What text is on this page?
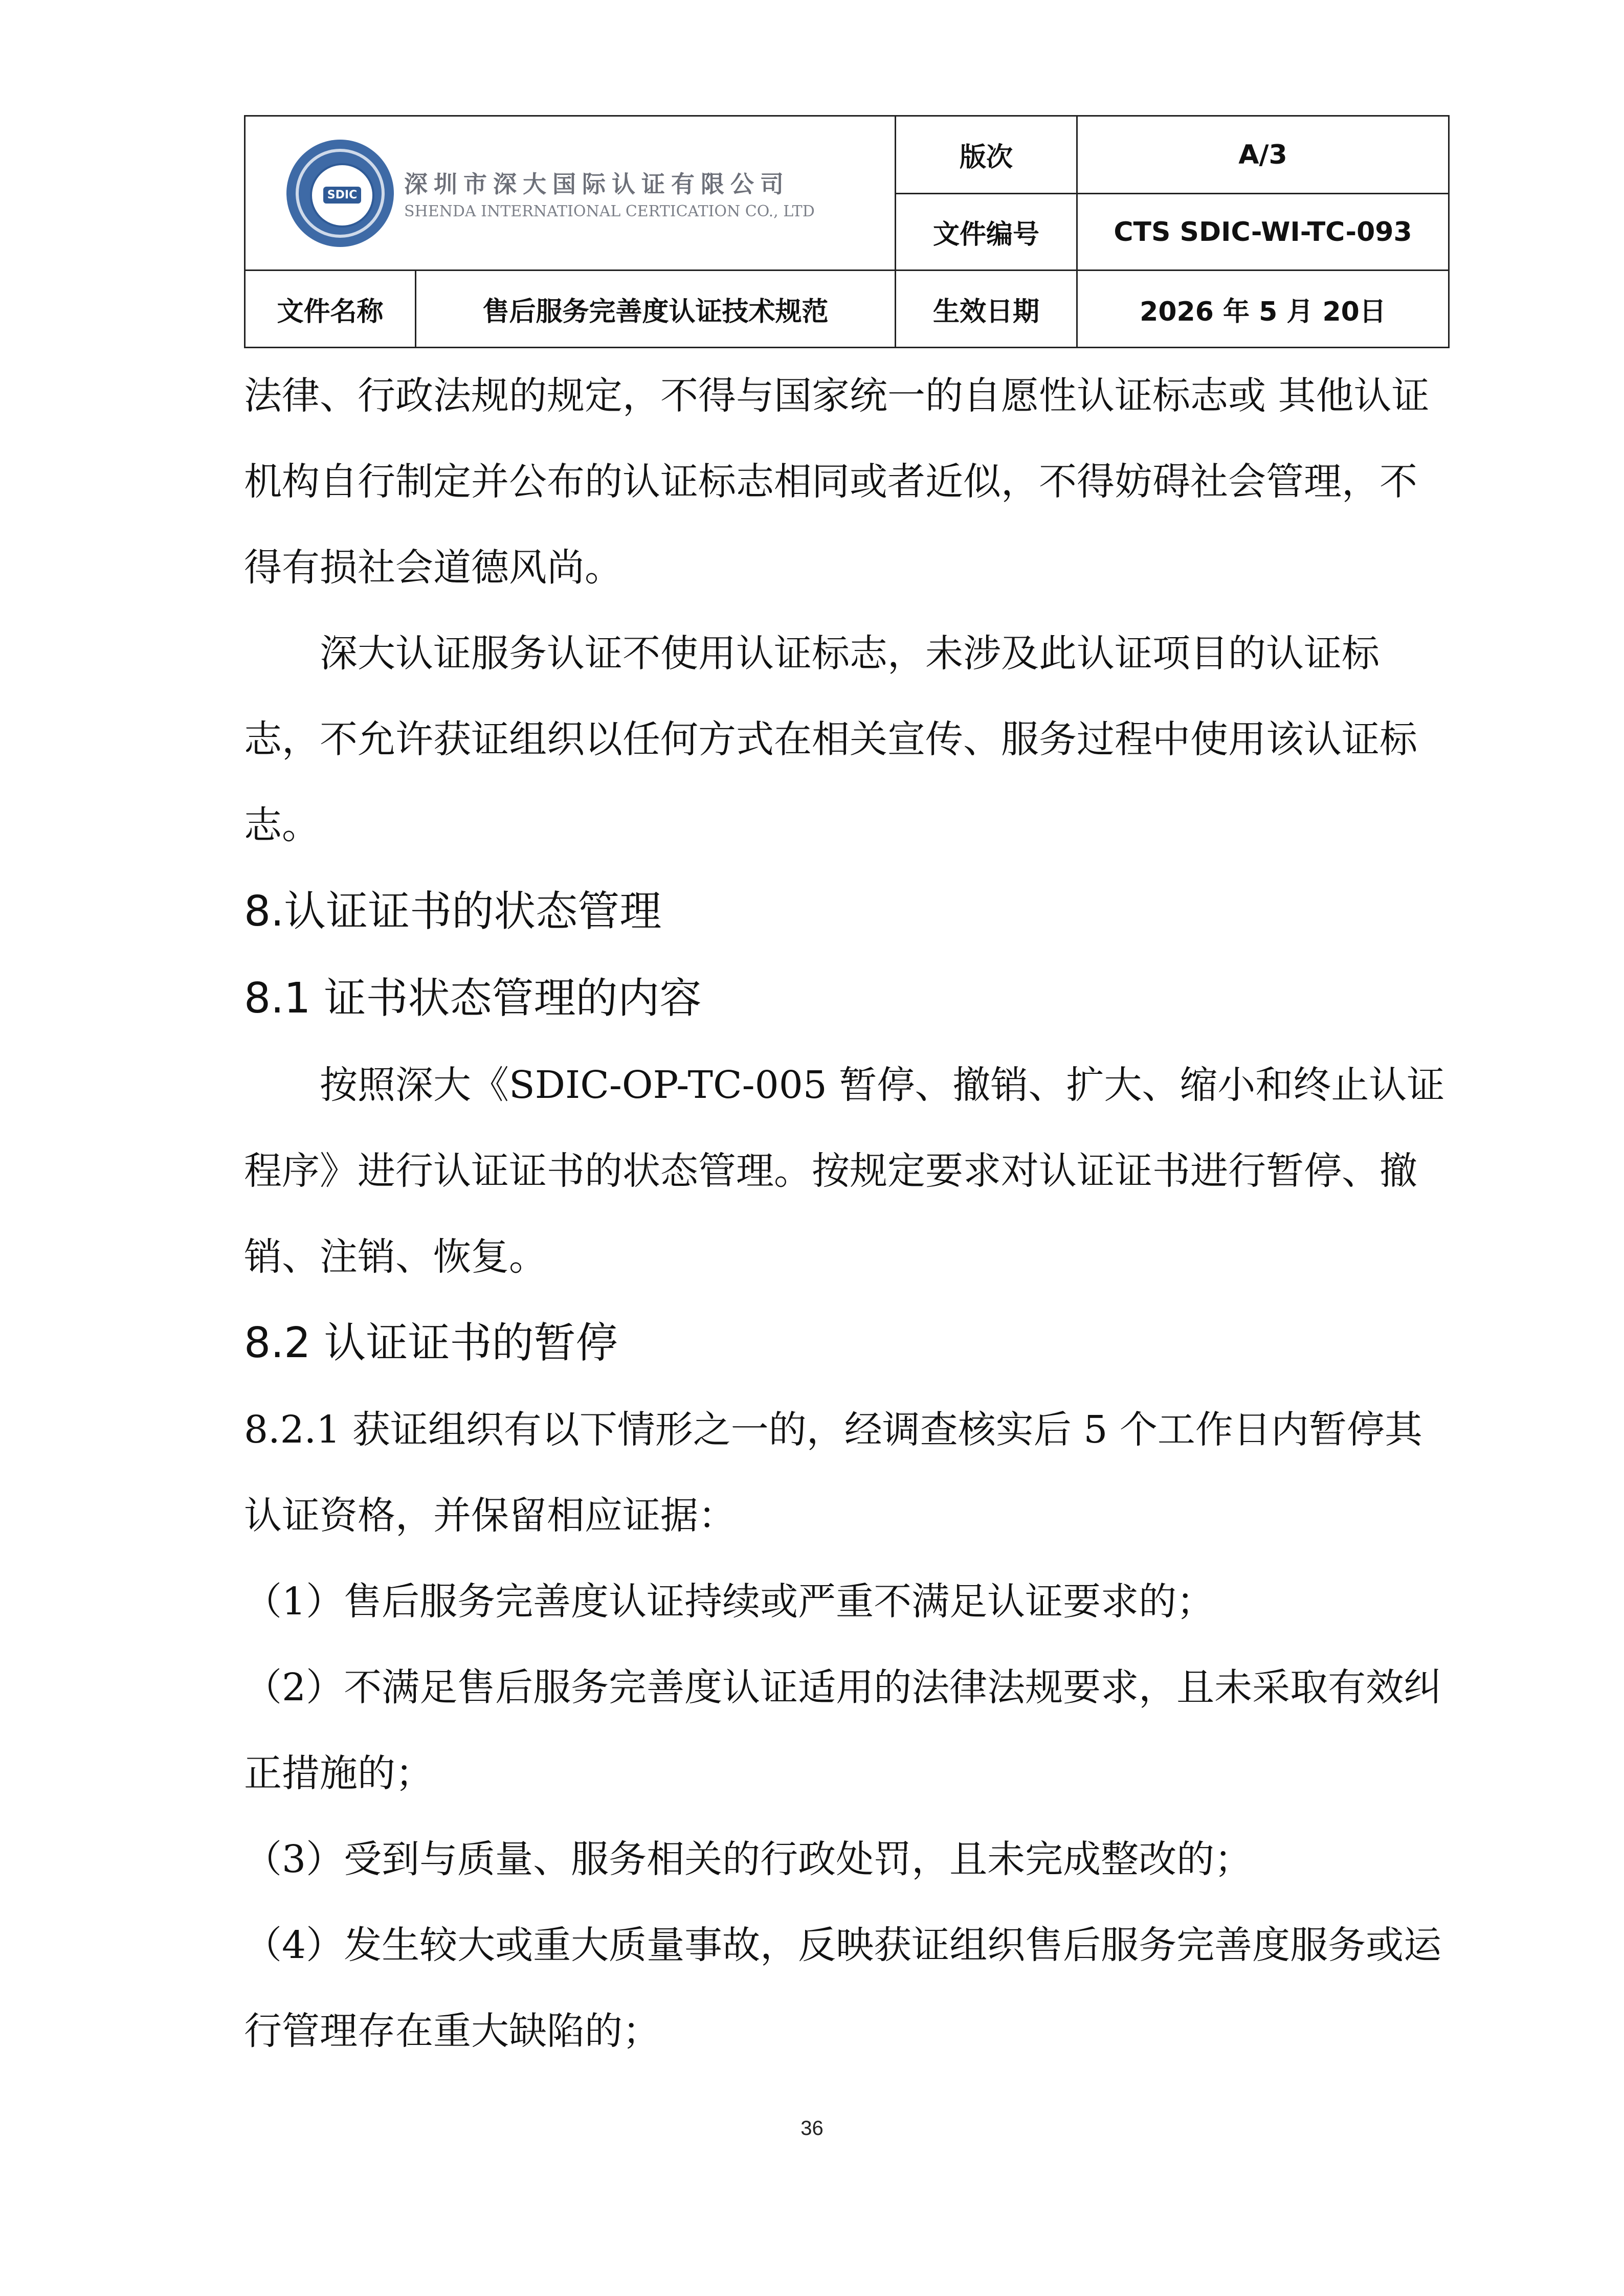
SDIC 深圳市深大国际认证有限公司
SHENDA INTERNATIONAL CERTICATION CO., LTD		版次	A/3
		文件编号	CTS SDIC-WI-TC-093
文件名称	售后服务完善度认证技术规范	生效日期	2026 年 5 月 20日

法律、行政法规的规定，不得与国家统一的自愿性认证标志或 其他认证机构自行制定并公布的认证标志相同或者近似，不得妨碍社会管理，不得有损社会道德风尚。

深大认证服务认证不使用认证标志，未涉及此认证项目的认证标志，不允许获证组织以任何方式在相关宣传、服务过程中使用该认证标志。

8.认证证书的状态管理
8.1 证书状态管理的内容

按照深大《SDIC-OP-TC-005 暂停、撤销、扩大、缩小和终止认证程序》进行认证证书的状态管理。按规定要求对认证证书进行暂停、撤销、注销、恢复。

8.2 认证证书的暂停

8.2.1 获证组织有以下情形之一的，经调查核实后 5 个工作日内暂停其认证资格，并保留相应证据：

（1）售后服务完善度认证持续或严重不满足认证要求的；

（2）不满足售后服务完善度认证适用的法律法规要求，且未采取有效纠正措施的；

（3）受到与质量、服务相关的行政处罚，且未完成整改的；

（4）发生较大或重大质量事故，反映获证组织售后服务完善度服务或运行管理存在重大缺陷的；

36
